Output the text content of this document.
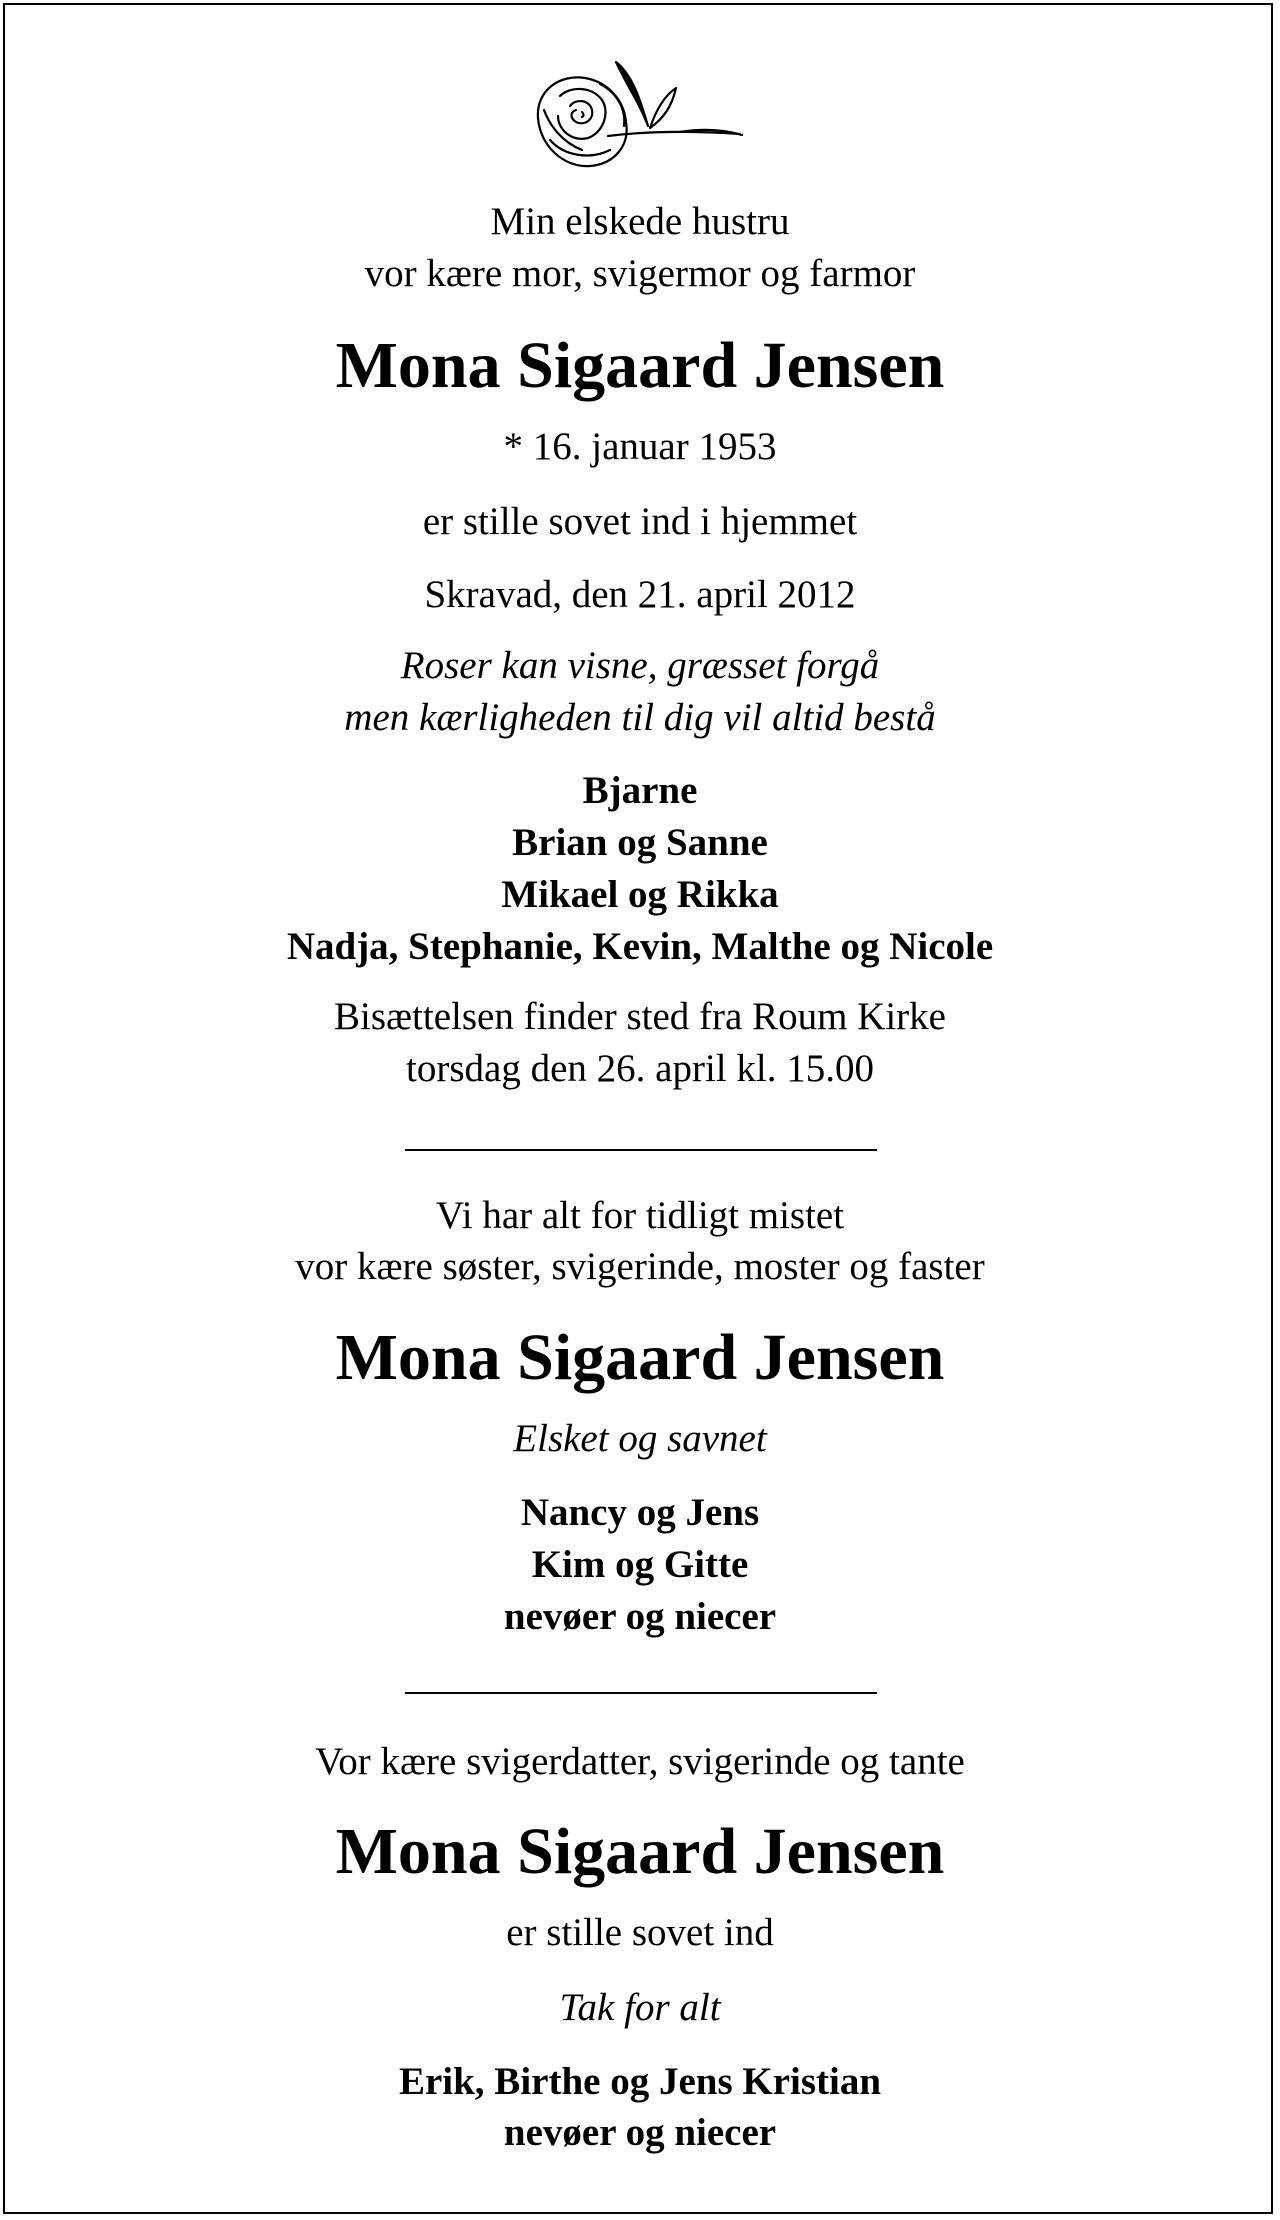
Min elskede hustru
vor kære mor, svigermor og farmor
Mona Sigaard Jensen
* 16. januar 1953
er stille sovet ind i hjemmet
Skravad, den 21. april 2012
Roser kan visne, græsset forgå
men kærligheden til dig vil altid bestå
Bjarne
Brian og Sanne
Mikael og Rikka
Nadja, Stephanie, Kevin, Malthe og Nicole
Bisættelsen finder sted fra Roum Kirke
torsdag den 26. april kl. 15.00
Vi har alt for tidligt mistet
vor kære søster, svigerinde, moster og faster
Mona Sigaard Jensen
Elsket og savnet
Nancy og Jens
Kim og Gitte
nevøer og niecer
Vor kære svigerdatter, svigerinde og tante
Mona Sigaard Jensen
er stille sovet ind
Tak for alt
Erik, Birthe og Jens Kristian
nevøer og niecer
